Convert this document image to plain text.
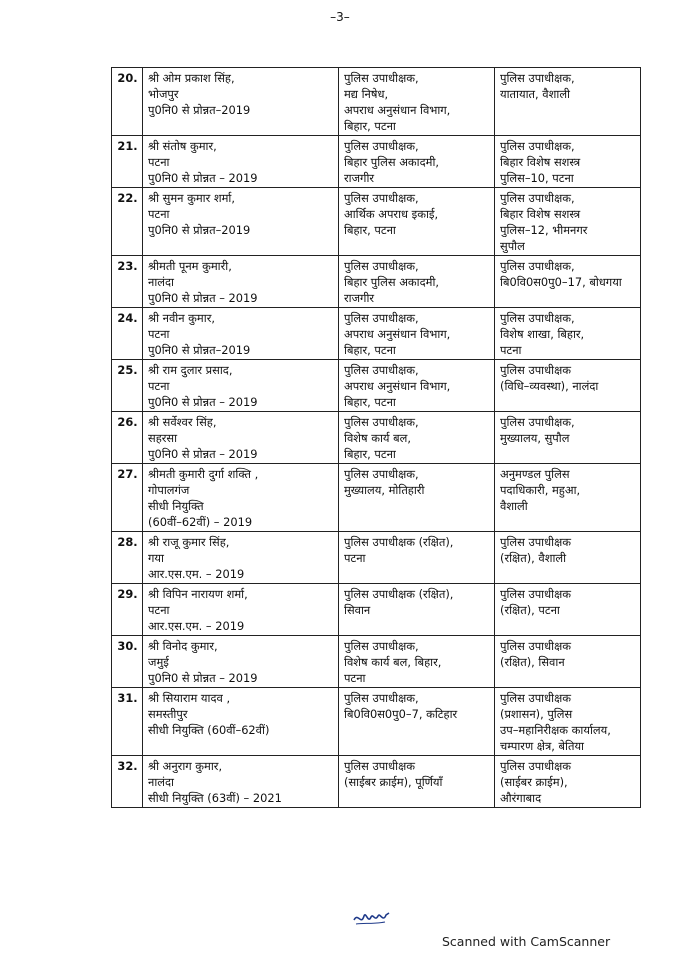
–3–
20.	श्री ओम प्रकाश सिंह,
भोजपुर
पु0नि0 से प्रोन्नत–2019	पुलिस उपाधीक्षक,
मद्य निषेध,
अपराध अनुसंधान विभाग,
बिहार, पटना	पुलिस उपाधीक्षक,
यातायात, वैशाली

21.	श्री संतोष कुमार,
पटना
पु0नि0 से प्रोन्नत – 2019	पुलिस उपाधीक्षक,
बिहार पुलिस अकादमी,
राजगीर	पुलिस उपाधीक्षक,
बिहार विशेष सशस्त्र
पुलिस–10, पटना

22.	श्री सुमन कुमार शर्मा,
पटना
पु0नि0 से प्रोन्नत–2019	पुलिस उपाधीक्षक,
आर्थिक अपराध इकाई,
बिहार, पटना	पुलिस उपाधीक्षक,
बिहार विशेष सशस्त्र
पुलिस–12, भीमनगर
सुपौल

23.	श्रीमती पूनम कुमारी,
नालंदा
पु0नि0 से प्रोन्नत – 2019	पुलिस उपाधीक्षक,
बिहार पुलिस अकादमी,
राजगीर	पुलिस उपाधीक्षक,
बि0वि0स0पु0–17, बोधगया

24.	श्री नवीन कुमार,
पटना
पु0नि0 से प्रोन्नत–2019	पुलिस उपाधीक्षक,
अपराध अनुसंधान विभाग,
बिहार, पटना	पुलिस उपाधीक्षक,
विशेष शाखा, बिहार,
पटना

25.	श्री राम दुलार प्रसाद,
पटना
पु0नि0 से प्रोन्नत – 2019	पुलिस उपाधीक्षक,
अपराध अनुसंधान विभाग,
बिहार, पटना	पुलिस उपाधीक्षक
(विधि–व्यवस्था), नालंदा

26.	श्री सर्वेश्वर सिंह,
सहरसा
पु0नि0 से प्रोन्नत – 2019	पुलिस उपाधीक्षक,
विशेष कार्य बल,
बिहार, पटना	पुलिस उपाधीक्षक,
मुख्यालय, सुपौल

27.	श्रीमती कुमारी दुर्गा शक्ति ,
गोपालगंज
सीधी नियुक्ति
(60वीं–62वीं) – 2019	पुलिस उपाधीक्षक,
मुख्यालय, मोतिहारी	अनुमण्डल पुलिस
पदाधिकारी, महुआ,
वैशाली

28.	श्री राजू कुमार सिंह,
गया
आर.एस.एम. – 2019	पुलिस उपाधीक्षक (रक्षित),
पटना	पुलिस उपाधीक्षक
(रक्षित), वैशाली

29.	श्री विपिन नारायण शर्मा,
पटना
आर.एस.एम. – 2019	पुलिस उपाधीक्षक (रक्षित),
सिवान	पुलिस उपाधीक्षक
(रक्षित), पटना

30.	श्री विनोद कुमार,
जमुई
पु0नि0 से प्रोन्नत – 2019	पुलिस उपाधीक्षक,
विशेष कार्य बल, बिहार,
पटना	पुलिस उपाधीक्षक
(रक्षित), सिवान

31.	श्री सियाराम यादव ,
समस्तीपुर
सीधी नियुक्ति (60वीं–62वीं)	पुलिस उपाधीक्षक,
बि0वि0स0पु0–7, कटिहार	पुलिस उपाधीक्षक
(प्रशासन), पुलिस
उप–महानिरीक्षक कार्यालय,
चम्पारण क्षेत्र, बेतिया

32.	श्री अनुराग कुमार,
नालंदा
सीधी नियुक्ति (63वीं) – 2021	पुलिस उपाधीक्षक
(साईबर क्राईम), पूर्णियाँ	पुलिस उपाधीक्षक
(साईबर क्राईम),
औरंगाबाद
Scanned with CamScanner
